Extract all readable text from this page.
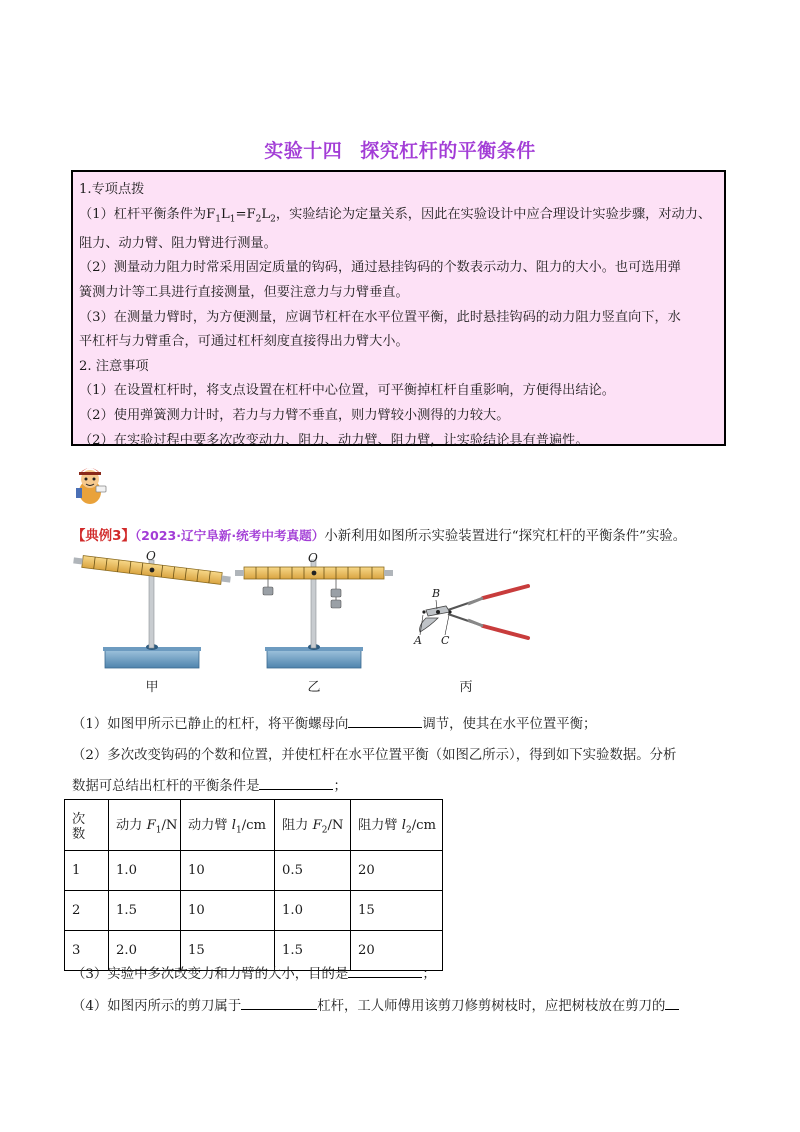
实验十四 探究杠杆的平衡条件

1.专项点拨

（1）杠杆平衡条件为$F_1L_1=F_2L_2$，实验结论为定量关系，因此在实验设计中应合理设计实验步骤，对动力、

阻力、动力臂、阻力臂进行测量。

（2）测量动力阻力时常采用固定质量的钩码，通过悬挂钩码的个数表示动力、阻力的大小。也可选用弹

簧测力计等工具进行直接测量，但要注意力与力臂垂直。

（3）在测量力臂时，为方便测量，应调节杠杆在水平位置平衡，此时悬挂钩码的动力阻力竖直向下，水

平杠杆与力臂重合，可通过杠杆刻度直接得出力臂大小。

2. 注意事项

（1）在设置杠杆时，将支点设置在杠杆中心位置，可平衡掉杠杆自重影响，方便得出结论。

（2）使用弹簧测力计时，若力与力臂不垂直，则力臂较小测得的力较大。

（2）在实验过程中要多次改变动力、阻力、动力臂、阻力臂，让实验结论具有普遍性。

【典例3】（2023·辽宁阜新·统考中考真题）小新利用如图所示实验装置进行“探究杠杆的平衡条件”实验。
O
甲
O
乙
B
A C
丙
（1）如图甲所示已静止的杠杆，将平衡螺母向	调节，使其在水平位置平衡；
（2）多次改变钩码的个数和位置，并使杠杆在水平位置平衡（如图乙所示），得到如下实验数据。分析
数据可总结出杠杆的平衡条件是	；
次
数	动力 $F_1/N$	动力臂 $l_1/cm$	阻力 $F_2/N$	阻力臂 $l_2/cm$
1	1.0	10	0.5	20
2	1.5	10	1.0	15
3	2.0	15	1.5	20
（3）实验中多次改变力和力臂的大小，目的是	；
（4）如图丙所示的剪刀属于	杠杆，工人师傅用该剪刀修剪树枝时，应把树枝放在剪刀的
